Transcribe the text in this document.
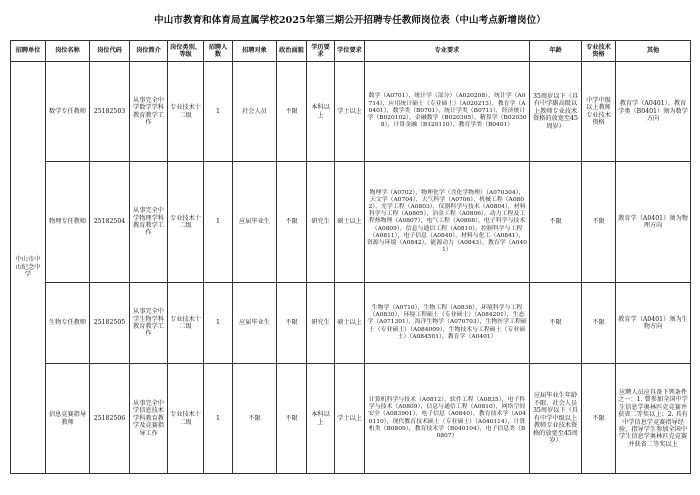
中山市教育和体育局直属学校2025年第三期公开招聘专任教师岗位表（中山考点新增岗位）
招聘单位	岗位名称	岗位代码	岗位简介	岗位类别、等级	招聘人数	招聘对象	政治面貌	学历要求	学位要求	专业要求	年龄	专业技术资格	其他
中山市中山纪念中学	数学专任教师	25182503	从事完全中学数学学科教育教学工作	专业技术十二级	1	社会人员	不限	本科以上	学士以上	数学（A0701），统计学（部分）（A020208），统计学（A0714），应用统计硕士（专业硕士）（A020213），教育学（A0401），数学类（B0701），统计学类（B0711），经济统计学（B020102），金融数学（B020305），精算学（B020308），计算金融（B120110），教育学类（B0401）	35周岁以下（具有中学副高级以上教师专业技术资格的放宽至45周岁）	中学中级以上教师专业技术资格	教育学（A0401）、教育学类（B0401）须为数学方向
	物理专任教师	25182504	从事完全中学物理学科教育教学工作	专业技术十二级	1	应届毕业生	不限	研究生	硕士以上	物理学（A0702），物理化学（含化学物理）（A070304），天文学（A0704），大气科学（A0706），机械工程（A0802），光学工程（A0803），仪器科学与技术（A0804），材料科学与工程（A0805），冶金工程（A0806），动力工程及工程热物理（A0807），电气工程（A0808），电子科学与技术（A0809），信息与通信工程（A0810），控制科学与工程（A0811），电子信息（A0840），材料与化工（A0841），资源与环境（A0842），能源动力（A0843），教育学（A0401）	不限	不限	教育学（A0401）须为物理方向
	生物专任教师	25182505	从事完全中学生物学科教育教学工作	专业技术十二级	1	应届毕业生	不限	研究生	硕士以上	生物学（A0710），生物工程（A0836），环境科学与工程（A0830），环境工程硕士（专业硕士）（A084201），生态学（A071301），海洋生物学（A070703），生物医学工程硕士（专业硕士）（A084009），生物技术与工程硕士（专业硕士）（A084501），教育学（A0401）	不限	不限	教育学（A0401）须为生物方向
	信息竞赛指导教师	25182506	从事完全中学信息技术学科教育教学及竞赛指导工作	专业技术十二级	1	不限	不限	本科以上	学士以上	计算机科学与技术（A0812），软件工程（A0835），电子科学与技术（A0809），信息与通信工程（A0810），网络空间安全（A083901），电子信息（A0840），教育技术学（A040110），现代教育技术硕士（专业硕士）（A040114），计算机类（B0809），教育技术学（B040104），电子信息类（B0807）	应届毕业生年龄不限，社会人员35周岁以下（具有中学中级以上教师专业技术资格的放宽至45周岁）	不限	应聘人员应具备下列条件之一：1. 曾参加全国中学生信息学奥林匹克竞赛并获省二等奖以上；2. 具有中学信息学竞赛指导经验，指导学生参加全国中学生信息学奥林匹克竞赛并获省二等奖以上
